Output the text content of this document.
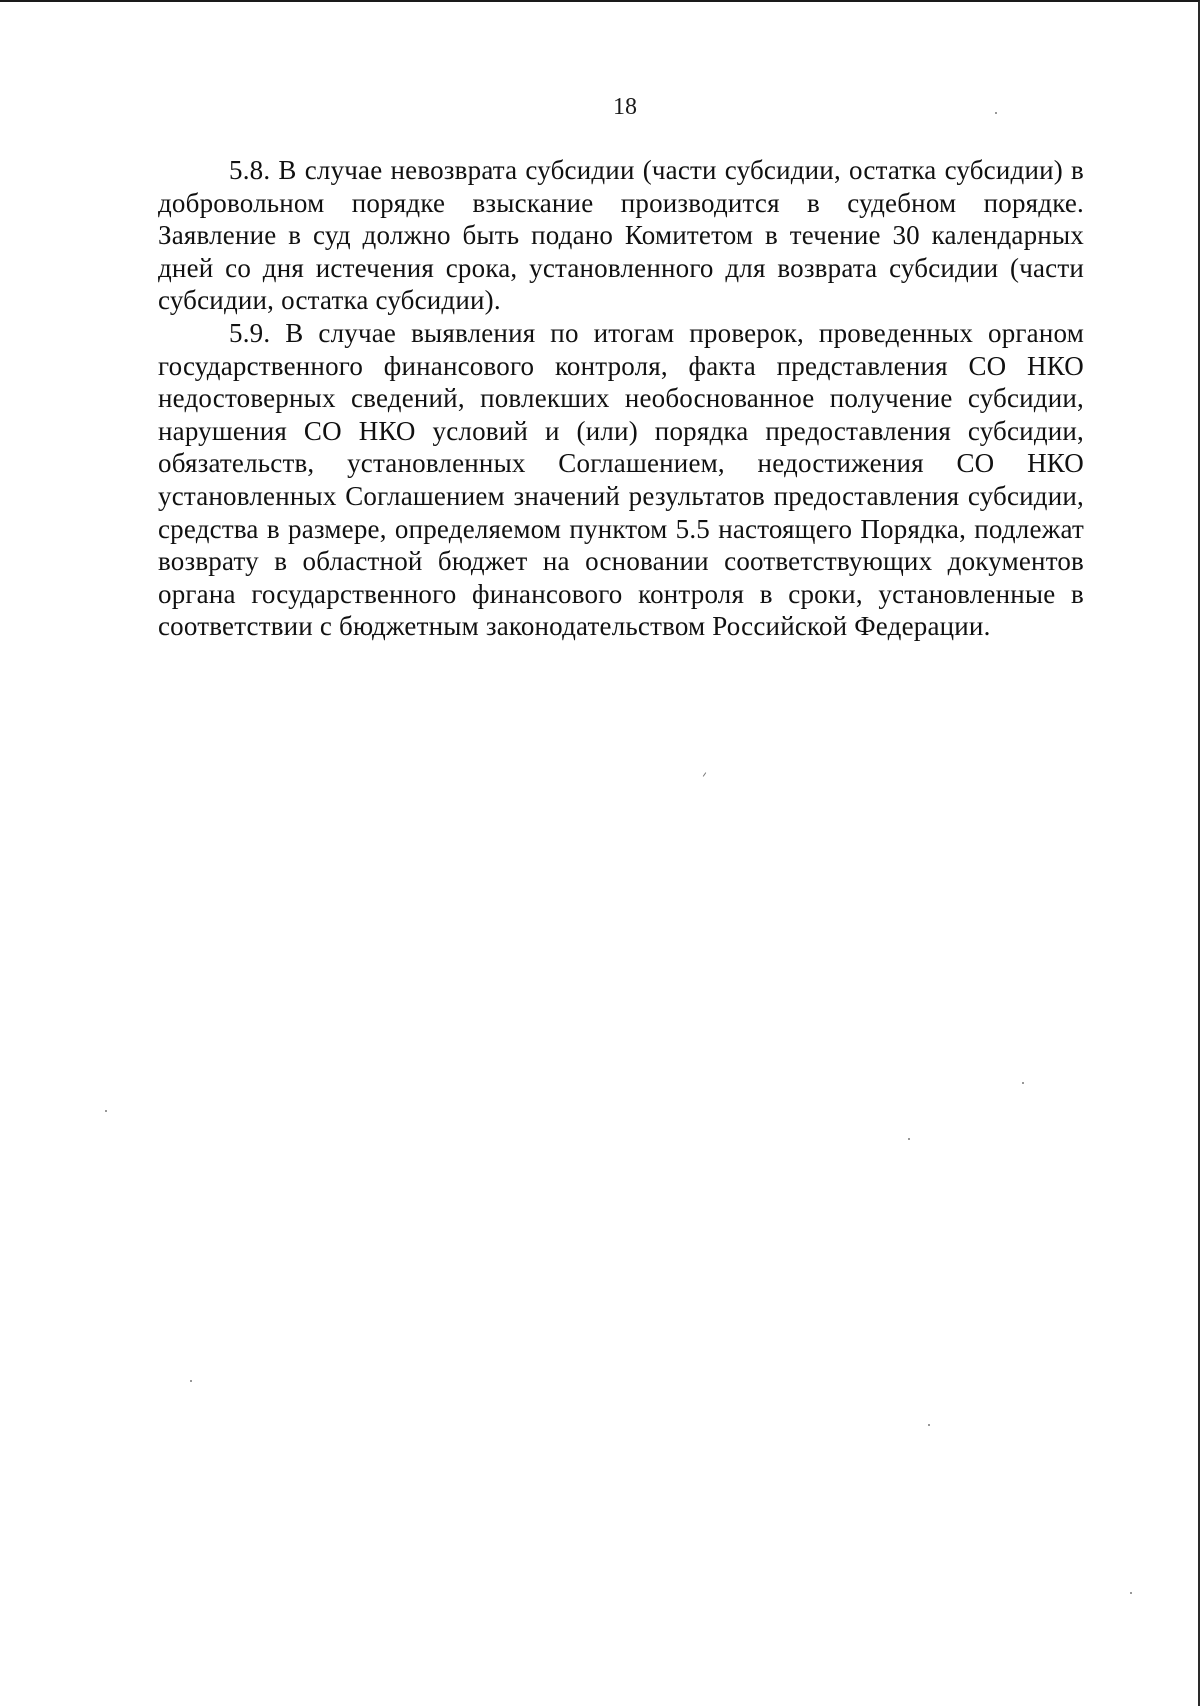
18

5.8. В случае невозврата субсидии (части субсидии, остатка субсидии) в добровольном порядке взыскание производится в судебном порядке. Заявление в суд должно быть подано Комитетом в течение 30 календарных дней со дня истечения срока, установленного для возврата субсидии (части субсидии, остатка субсидии).

5.9. В случае выявления по итогам проверок, проведенных органом государственного финансового контроля, факта представления СО НКО недостоверных сведений, повлекших необоснованное получение субсидии, нарушения СО НКО условий и (или) порядка предоставления субсидии, обязательств, установленных Соглашением, недостижения СО НКО установленных Соглашением значений результатов предоставления субсидии, средства в размере, определяемом пунктом 5.5 настоящего Порядка, подлежат возврату в областной бюджет на основании соответствующих документов органа государственного финансового контроля в сроки, установленные в соответствии с бюджетным законодательством Российской Федерации.
